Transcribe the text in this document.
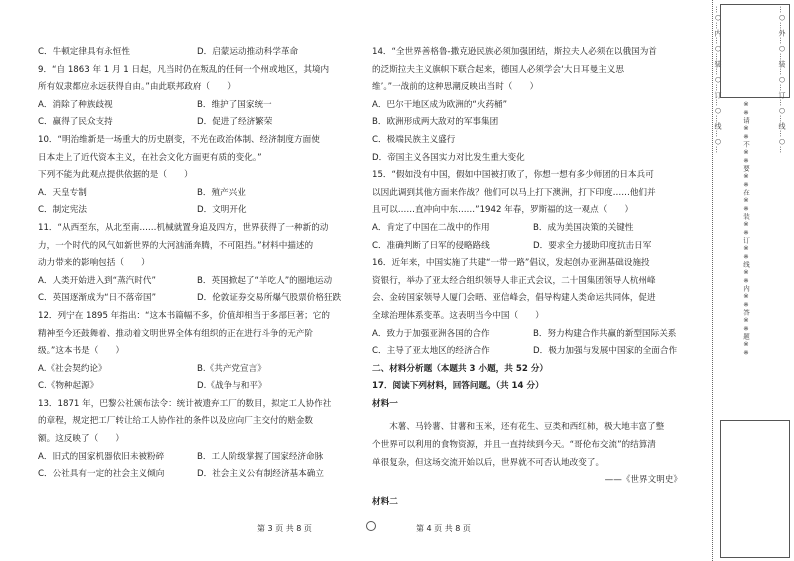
C．牛顿定律具有永恒性	D．启蒙运动推动科学革命
9．“自 1863 年 1 月 1 日起，凡当时仍在叛乱的任何一个州或地区，其境内
所有奴隶都应永远获得自由。”由此联邦政府（　　）
A．消除了种族歧视	B．维护了国家统一
C．赢得了民众支持	D．促进了经济繁荣
10．“明治维新是一场重大的历史剧变，不光在政治体制、经济制度方面使
日本走上了近代资本主义，在社会文化方面更有质的变化。”
下列不能为此观点提供依据的是（　　）
A．天皇专制	B．殖产兴业
C．制定宪法	D．文明开化
11．“从西至东，从北至南……机械就置身追及四方，世界获得了一种新的动
力，一个时代的风气如新世界的大河汹涌奔腾，不可阻挡。”材料中描述的
动力带来的影响包括（　　）
A．人类开始进入到“蒸汽时代”	B．英国掀起了“羊吃人”的圈地运动
C．英国逐渐成为“日不落帝国”	D．伦敦证券交易所爆气股票价格狂跌
12．列宁在 1895 年指出：“这本书篇幅不多，价值却相当于多部巨著；它的
精神至今还鼓舞着、推动着文明世界全体有组织的正在进行斗争的无产阶
级。”这本书是（　　）
A.《社会契约论》	B.《共产党宣言》
C.《物种起源》	D.《战争与和平》
13．1871 年，巴黎公社颁布法令：统计被遗弃工厂的数目，拟定工人协作社
的章程，规定把工厂转让给工人协作社的条件以及应向厂主交付的赔金数
额。这反映了（　　）
A．旧式的国家机器依旧未被粉碎	B．工人阶级掌握了国家经济命脉
C．公社具有一定的社会主义倾向	D．社会主义公有制经济基本确立
14．“全世界善格鲁-撒克逊民族必须加强团结，斯拉夫人必须在以俄国为首
的泛斯拉夫主义旗帜下联合起来，德国人必须学会‘大日耳曼主义思
维’。”一战前的这种思潮反映出当时（　　）
A．巴尔干地区成为欧洲的“火药桶”
B．欧洲形成两大敌对的军事集团
C．极端民族主义盛行
D．帝国主义各国实力对比发生重大变化
15．“假如没有中国，假如中国被打败了，你想一想有多少师团的日本兵可
以因此调到其他方面来作战？他们可以马上打下澳洲，打下印度……他们并
且可以……直冲向中东……”1942 年春，罗斯福的这一观点（　　）
A．肯定了中国在二战中的作用	B．成为美国决策的关键性
C．准确判断了日军的侵略路线	D．要求全力援助印度抗击日军
16．近年来，中国实施了共建“一带一路”倡议，发起创办亚洲基础设施投
资银行，举办了亚太经合组织领导人非正式会议，二十国集团领导人杭州峰
会、金砖国家领导人厦门会晤、亚信峰会，倡导构建人类命运共同体，促进
全球治理体系变革。这表明当今中国（　　）
A．致力于加强亚洲各国的合作	B．努力构建合作共赢的新型国际关系
C．主导了亚太地区的经济合作	D．极力加强与发展中国家的全面合作
二、材料分析题（本题共 3 小题，共 52 分）
17．阅读下列材料，回答问题。（共 14 分）
材料一
木薯、马铃薯、甘薯和玉米，还有花生、豆类和西红柿，极大地丰富了整
个世界可以利用的食物资源，并且一直持续到今天。“哥伦布交流”的结算清
单很复杂，但这场交流开始以后，世界就不可否认地改变了。
——《世界文明史》
材料二
第 3 页 共 8 页	第 4 页 共 8 页
…○…内…○…装…○…订…○…线…○…
※※请※※不※※要※※在※※装※※订※※线※※内※※答※※题※※
…○…外…○…装…○…订…○…线…○…
